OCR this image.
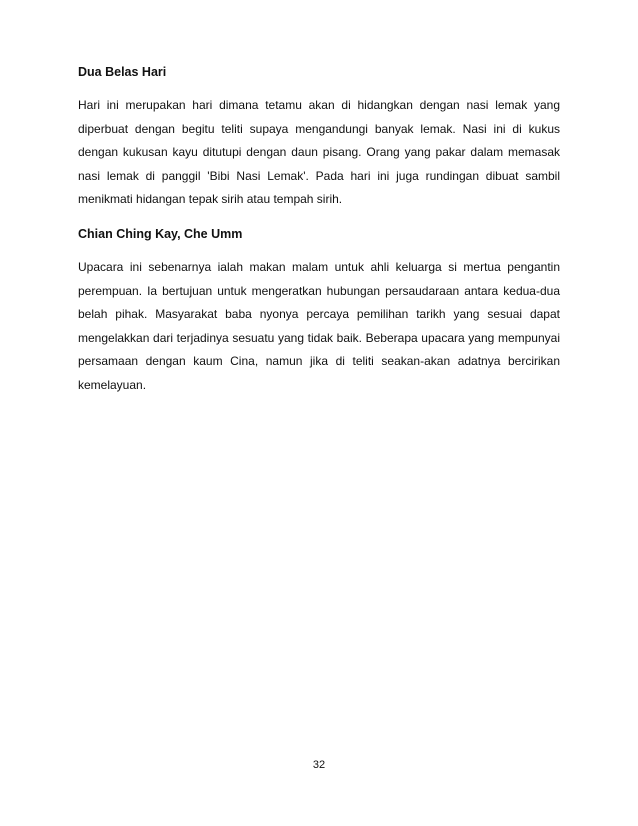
Dua Belas Hari

Hari ini merupakan hari dimana tetamu akan di hidangkan dengan nasi lemak yang diperbuat dengan begitu teliti supaya mengandungi banyak lemak. Nasi ini di kukus dengan kukusan kayu ditutupi dengan daun pisang. Orang yang pakar dalam memasak nasi lemak di panggil 'Bibi Nasi Lemak'. Pada hari ini juga rundingan dibuat sambil menikmati hidangan tepak sirih atau tempah sirih.

Chian Ching Kay, Che Umm

Upacara ini sebenarnya ialah makan malam untuk ahli keluarga si mertua pengantin perempuan. Ia bertujuan untuk mengeratkan hubungan persaudaraan antara kedua-dua belah pihak. Masyarakat baba nyonya percaya pemilihan tarikh yang sesuai dapat mengelakkan dari terjadinya sesuatu yang tidak baik. Beberapa upacara yang mempunyai persamaan dengan kaum Cina, namun jika di teliti seakan-akan adatnya bercirikan kemelayuan.

32
